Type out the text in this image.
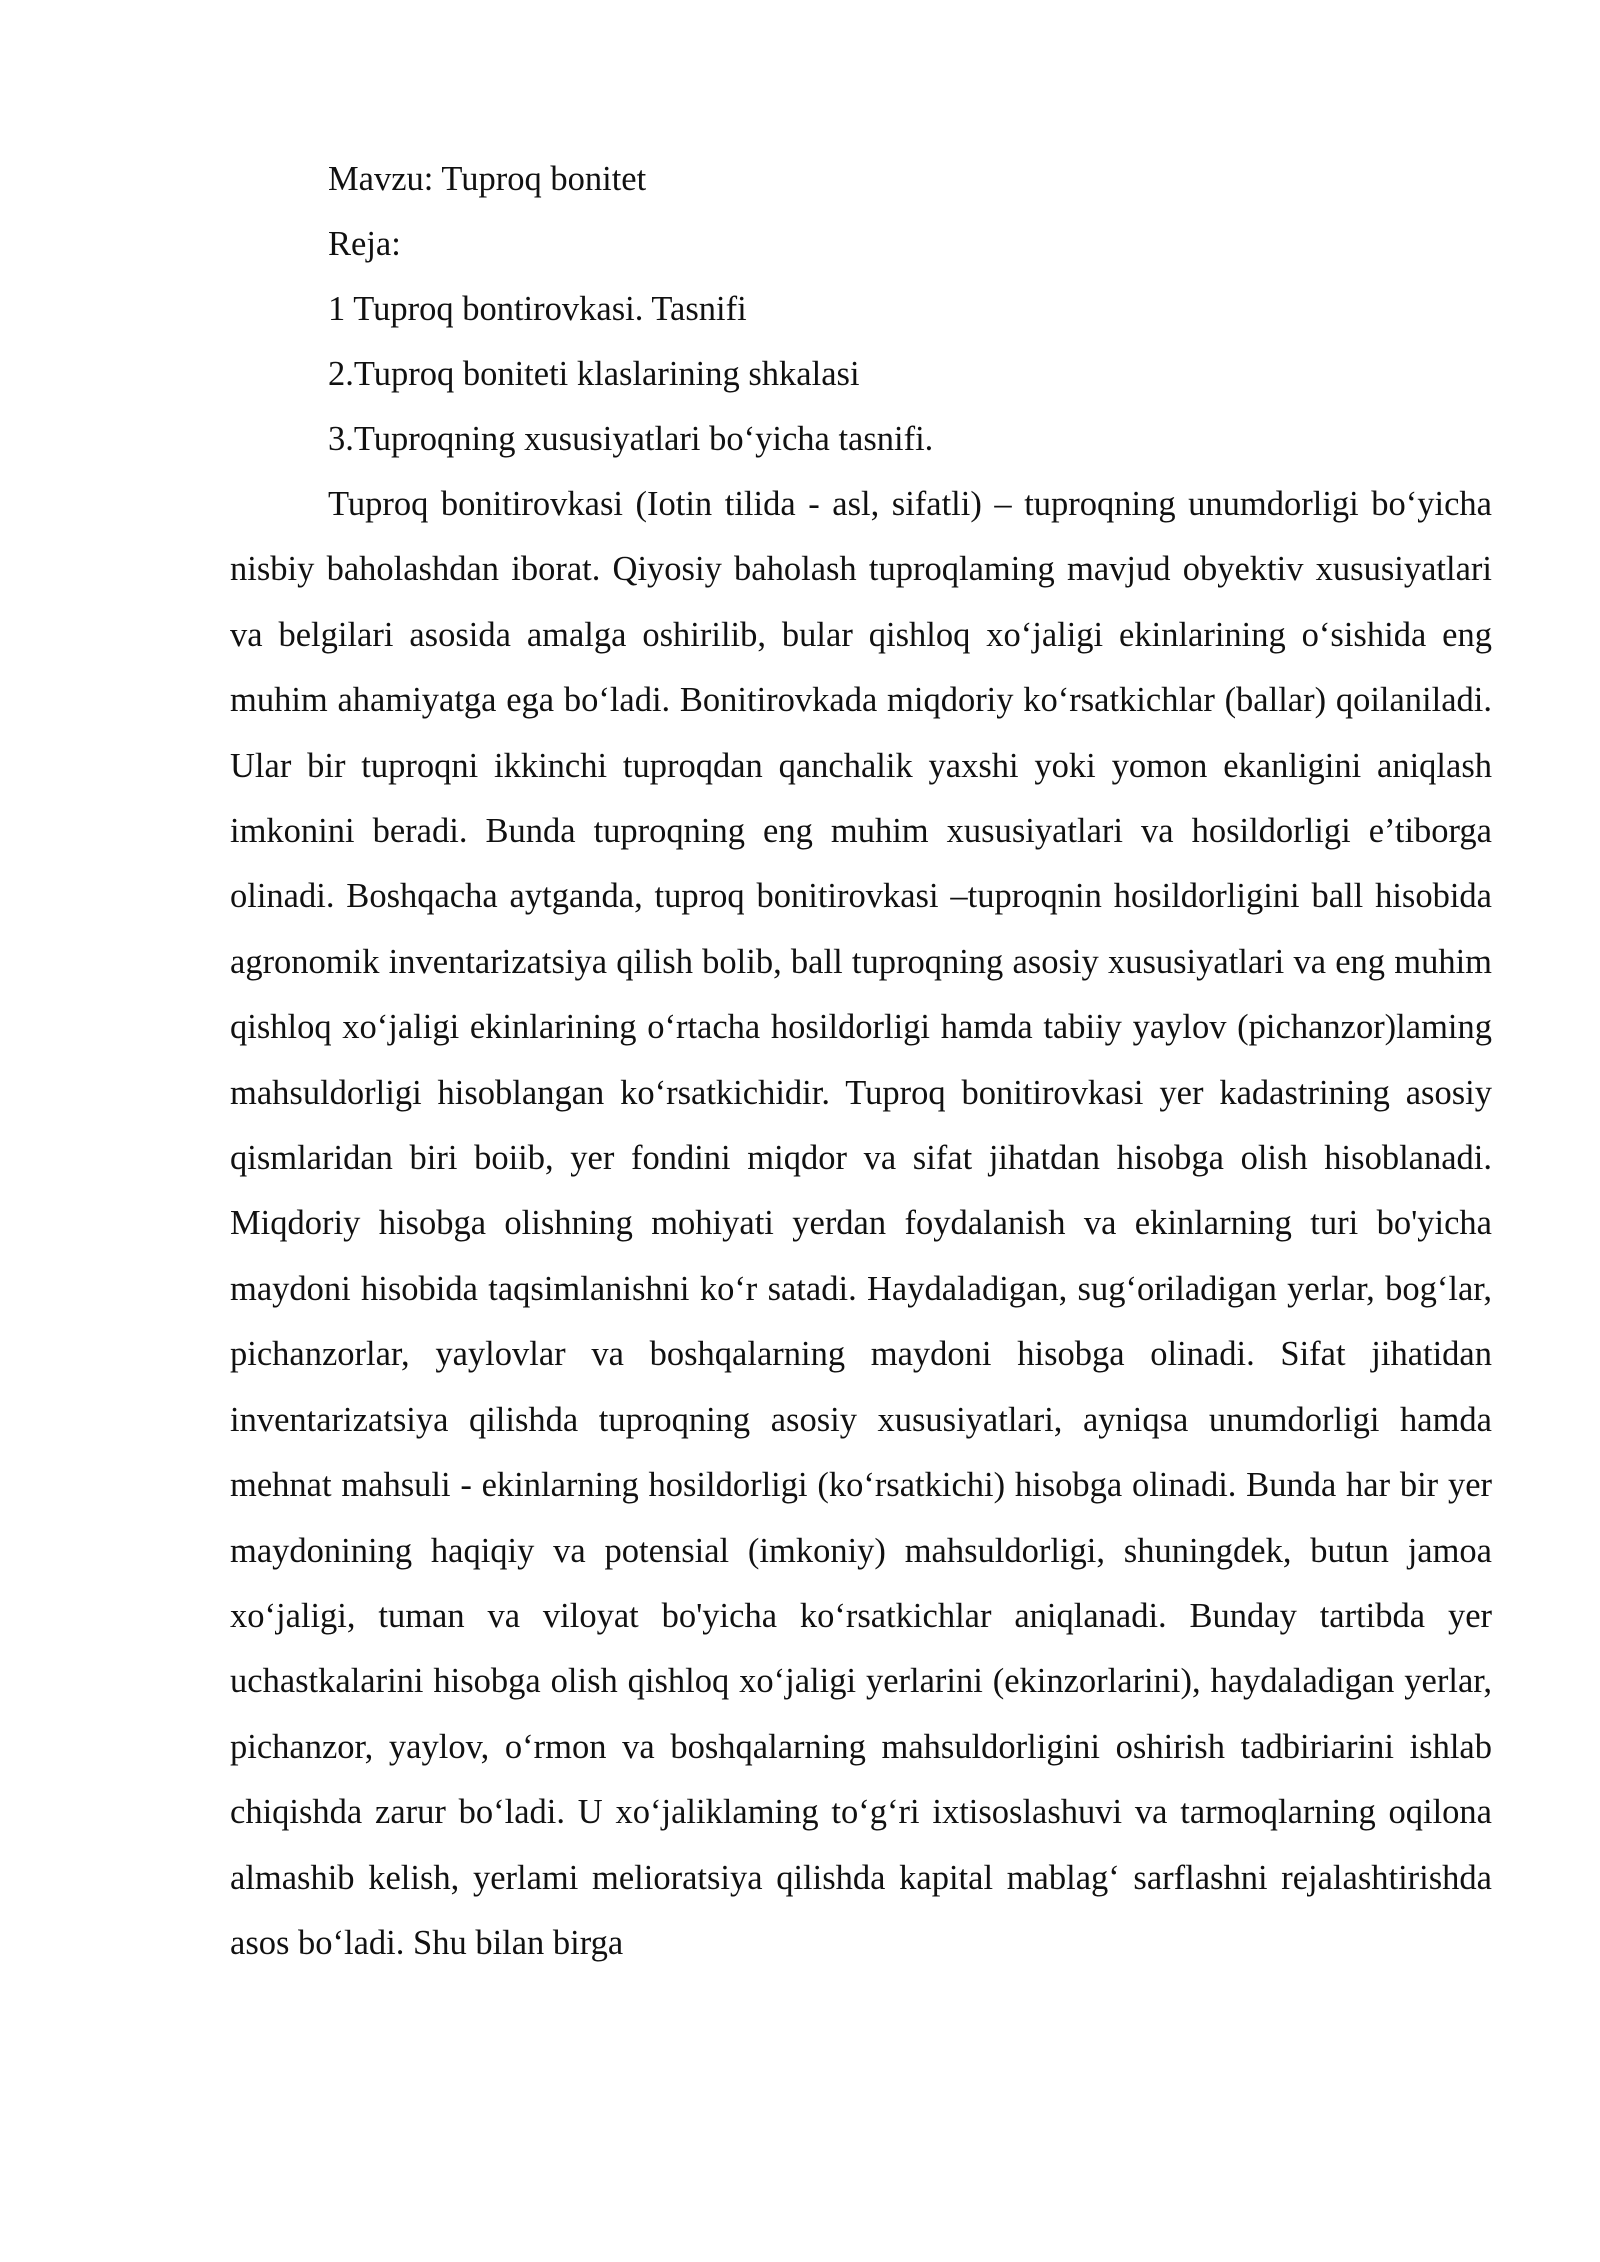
Mavzu: Tuproq bonitet
Reja:
1 Tuproq bontirovkasi. Tasnifi
2.Tuproq boniteti klaslarining shkalasi
3.Tuproqning xususiyatlari bo‘yicha tasnifi.

Tuproq bonitirovkasi (Iotin tilida - asl, sifatli) – tuproqning unumdorligi bo‘yicha nisbiy baholashdan iborat. Qiyosiy baholash tuproqlaming mavjud obyektiv xususiyatlari va belgilari asosida amalga oshirilib, bular qishloq xo‘jaligi ekinlarining o‘sishida eng muhim ahamiyatga ega bo‘ladi. Bonitirovkada miqdoriy ko‘rsatkichlar (ballar) qoilaniladi. Ular bir tuproqni ikkinchi tuproqdan qanchalik yaxshi yoki yomon ekanligini aniqlash imkonini beradi. Bunda tuproqning eng muhim xususiyatlari va hosildorligi e’tiborga olinadi. Boshqacha aytganda, tuproq bonitirovkasi –tuproqnin hosildorligini ball hisobida agronomik inventarizatsiya qilish bolib, ball tuproqning asosiy xususiyatlari va eng muhim qishloq xo‘jaligi ekinlarining o‘rtacha hosildorligi hamda tabiiy yaylov (pichanzor)laming mahsuldorligi hisoblangan ko‘rsatkichidir. Tuproq bonitirovkasi yer kadastrining asosiy qismlaridan biri boiib, yer fondini miqdor va sifat jihatdan hisobga olish hisoblanadi. Miqdoriy hisobga olishning mohiyati yerdan foydalanish va ekinlarning turi bo'yicha maydoni hisobida taqsimlanishni ko‘r satadi. Haydaladigan, sug‘oriladigan yerlar, bog‘lar, pichanzorlar, yaylovlar va boshqalarning maydoni hisobga olinadi. Sifat jihatidan inventarizatsiya qilishda tuproqning asosiy xususiyatlari, ayniqsa unumdorligi hamda mehnat mahsuli - ekinlarning hosildorligi (ko‘rsatkichi) hisobga olinadi. Bunda har bir yer maydonining haqiqiy va potensial (imkoniy) mahsuldorligi, shuningdek, butun jamoa xo‘jaligi, tuman va viloyat bo'yicha ko‘rsatkichlar aniqlanadi. Bunday tartibda yer uchastkalarini hisobga olish qishloq xo‘jaligi yerlarini (ekinzorlarini), haydaladigan yerlar, pichanzor, yaylov, o‘rmon va boshqalarning mahsuldorligini oshirish tadbiriarini ishlab chiqishda zarur bo‘ladi. U xo‘jaliklaming to‘g‘ri ixtisoslashuvi va tarmoqlarning oqilona almashib kelish, yerlami melioratsiya qilishda kapital mablag‘ sarflashni rejalashtirishda asos bo‘ladi. Shu bilan birga
